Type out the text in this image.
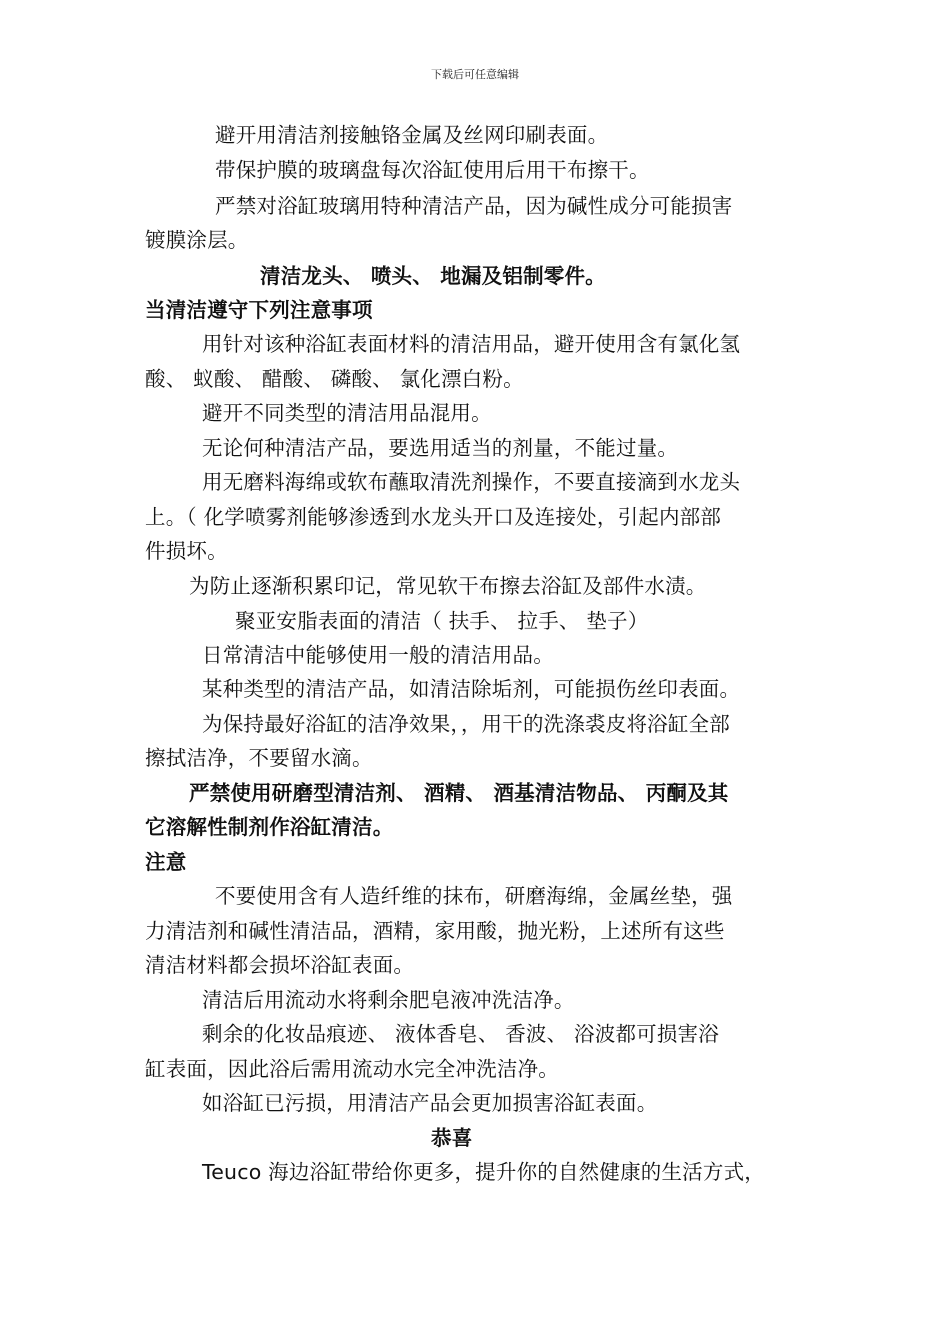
下载后可任意编辑
避开用清洁剂接触铬金属及丝网印刷表面。
带保护膜的玻璃盘每次浴缸使用后用干布擦干。
严禁对浴缸玻璃用特种清洁产品，因为碱性成分可能损害
镀膜涂层。
清洁龙头、 喷头、 地漏及铝制零件。
当清洁遵守下列注意事项
用针对该种浴缸表面材料的清洁用品，避开使用含有氯化氢
酸、 蚁酸、 醋酸、 磷酸、 氯化漂白粉。
避开不同类型的清洁用品混用。
无论何种清洁产品，要选用适当的剂量，不能过量。
用无磨料海绵或软布蘸取清洗剂操作，不要直接滴到水龙头
上。（ 化学喷雾剂能够渗透到水龙头开口及连接处，引起内部部
件损坏。
为防止逐渐积累印记，常见软干布擦去浴缸及部件水渍。
聚亚安脂表面的清洁（ 扶手、 拉手、 垫子）
日常清洁中能够使用一般的清洁用品。
某种类型的清洁产品，如清洁除垢剂，可能损伤丝印表面。
为保持最好浴缸的洁净效果，，用干的洗涤裘皮将浴缸全部
擦拭洁净，不要留水滴。
严禁使用研磨型清洁剂、 酒精、 酒基清洁物品、 丙酮及其
它溶解性制剂作浴缸清洁。
注意
不要使用含有人造纤维的抹布，研磨海绵，金属丝垫，强
力清洁剂和碱性清洁品，酒精，家用酸，抛光粉，上述所有这些
清洁材料都会损坏浴缸表面。
清洁后用流动水将剩余肥皂液冲洗洁净。
剩余的化妆品痕迹、 液体香皂、 香波、 浴波都可损害浴
缸表面，因此浴后需用流动水完全冲洗洁净。
如浴缸已污损，用清洁产品会更加损害浴缸表面。
恭喜
Teuco 海边浴缸带给你更多，提升你的自然健康的生活方式，
